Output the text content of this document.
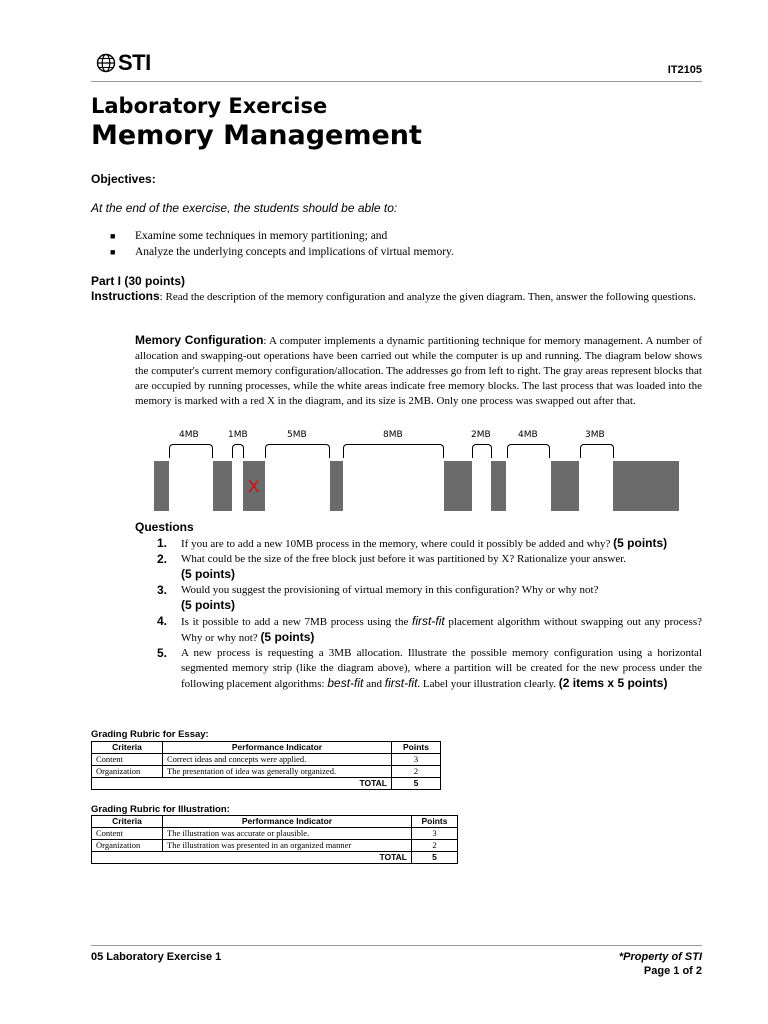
STI	IT2105
Laboratory Exercise
Memory Management
Objectives:
At the end of the exercise, the students should be able to:
■ Examine some techniques in memory partitioning; and
■ Analyze the underlying concepts and implications of virtual memory.
Part I (30 points)
Instructions: Read the description of the memory configuration and analyze the given diagram. Then, answer the following questions.
Memory Configuration: A computer implements a dynamic partitioning technique for memory management. A number of allocation and swapping-out operations have been carried out while the computer is up and running. The diagram below shows the computer's current memory configuration/allocation. The addresses go from left to right. The gray areas represent blocks that are occupied by running processes, while the white areas indicate free memory blocks. The last process that was loaded into the memory is marked with a red X in the diagram, and its size is 2MB. Only one process was swapped out after that.
4MB	1MB	5MB	8MB	2MB	4MB	3MB
X
Questions
1. If you are to add a new 10MB process in the memory, where could it possibly be added and why? (5 points)
2. What could be the size of the free block just before it was partitioned by X? Rationalize your answer.
(5 points)
3. Would you suggest the provisioning of virtual memory in this configuration? Why or why not?
(5 points)
4. Is it possible to add a new 7MB process using the first-fit placement algorithm without swapping out any process? Why or why not? (5 points)
5. A new process is requesting a 3MB allocation. Illustrate the possible memory configuration using a horizontal segmented memory strip (like the diagram above), where a partition will be created for the new process under the following placement algorithms: best-fit and first-fit. Label your illustration clearly. (2 items x 5 points)
Grading Rubric for Essay:
Criteria	Performance Indicator	Points
Content	Correct ideas and concepts were applied.	3
Organization	The presentation of idea was generally organized.	2
TOTAL		5
Grading Rubric for Illustration:
Criteria	Performance Indicator	Points
Content	The illustration was accurate or plausible.	3
Organization	The illustration was presented in an organized manner	2
TOTAL		5
05 Laboratory Exercise 1	*Property of STI
Page 1 of 2
